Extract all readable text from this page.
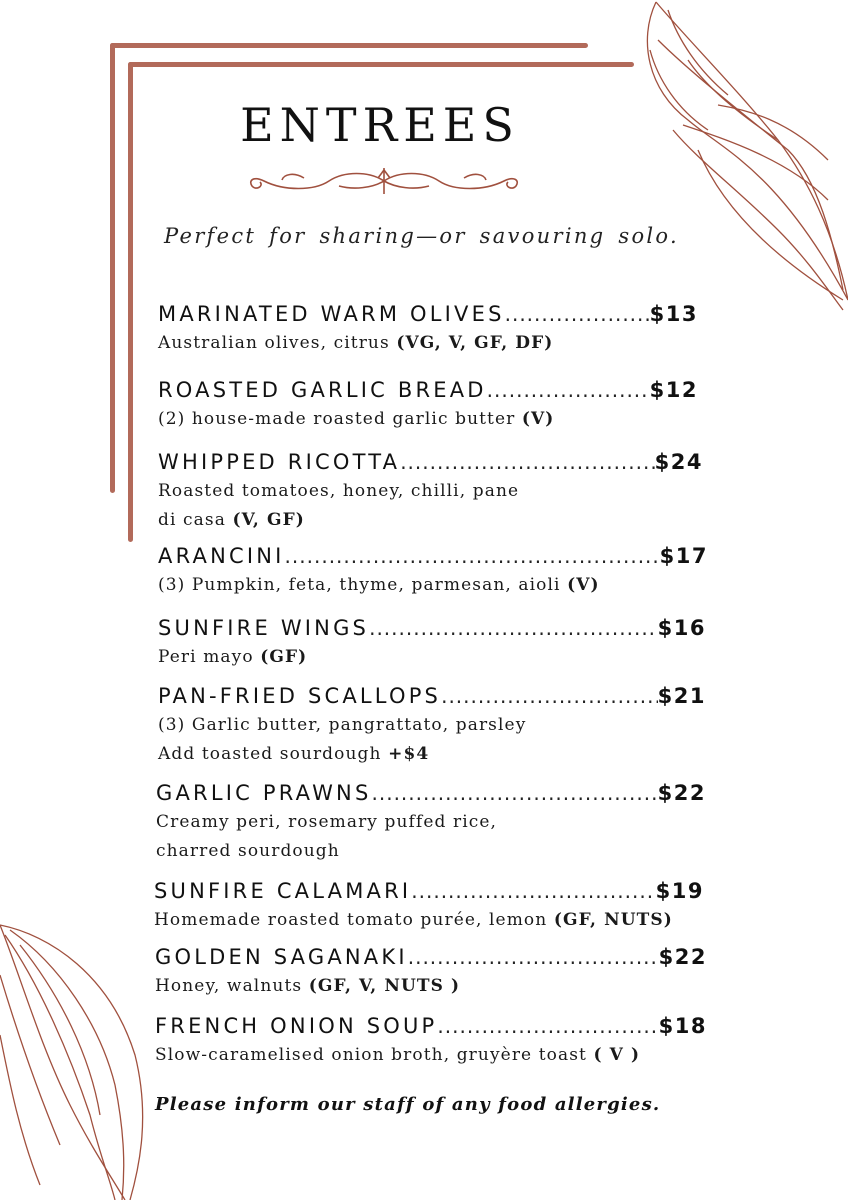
ENTREES
Perfect for sharing—or savouring solo.
MARINATED WARM OLIVES .....	$13
Australian olives, citrus (VG, V, GF, DF)
ROASTED GARLIC BREAD .....	$12
(2) house-made roasted garlic butter (V)
WHIPPED RICOTTA .....	$24
Roasted tomatoes, honey, chilli, pane
di casa (V, GF)
ARANCINI .....	$17
(3) Pumpkin, feta, thyme, parmesan, aioli (V)
SUNFIRE WINGS .....	$16
Peri mayo (GF)
PAN-FRIED SCALLOPS .....	$21
(3) Garlic butter, pangrattato, parsley
Add toasted sourdough +$4
GARLIC PRAWNS .....	$22
Creamy peri, rosemary puffed rice,
charred sourdough
SUNFIRE CALAMARI .....	$19
Homemade roasted tomato purée, lemon (GF, NUTS)
GOLDEN SAGANAKI .....	$22
Honey, walnuts (GF, V, NUTS )
FRENCH ONION SOUP .....	$18
Slow-caramelised onion broth, gruyère toast ( V )
Please inform our staff of any food allergies.
